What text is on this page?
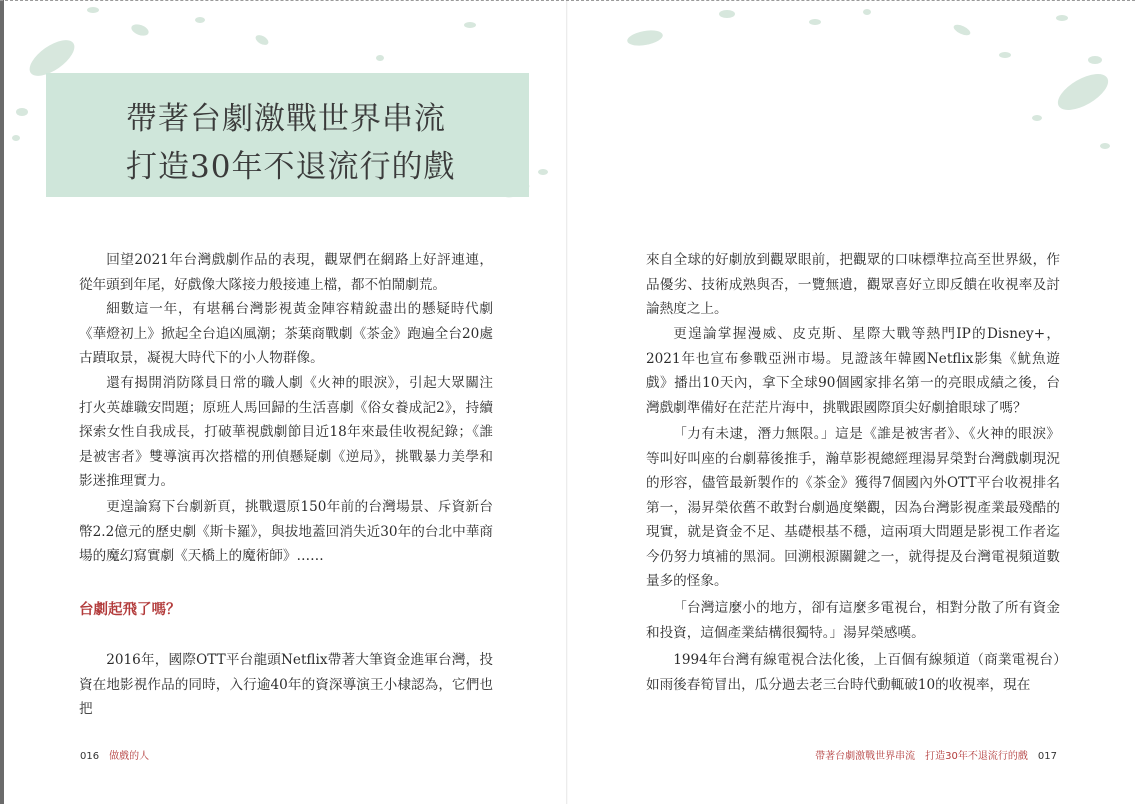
帶著台劇激戰世界串流
打造30年不退流行的戲

回望2021年台灣戲劇作品的表現，觀眾們在網路上好評連連，從年頭到年尾，好戲像大隊接力般接連上檔，都不怕鬧劇荒。

細數這一年，有堪稱台灣影視黃金陣容精銳盡出的懸疑時代劇《華燈初上》掀起全台追凶風潮；茶葉商戰劇《茶金》跑遍全台20處古蹟取景，凝視大時代下的小人物群像。

還有揭開消防隊員日常的職人劇《火神的眼淚》，引起大眾關注打火英雄職安問題；原班人馬回歸的生活喜劇《俗女養成記2》，持續探索女性自我成長，打破華視戲劇節目近18年來最佳收視紀錄；《誰是被害者》雙導演再次搭檔的刑偵懸疑劇《逆局》，挑戰暴力美學和影迷推理實力。

更遑論寫下台劇新頁，挑戰還原150年前的台灣場景、斥資新台幣2.2億元的歷史劇《斯卡羅》，與拔地蓋回消失近30年的台北中華商場的魔幻寫實劇《天橋上的魔術師》……

台劇起飛了嗎？

2016年，國際OTT平台龍頭Netflix帶著大筆資金進軍台灣，投資在地影視作品的同時，入行逾40年的資深導演王小棣認為，它們也把

016 做戲的人

來自全球的好劇放到觀眾眼前，把觀眾的口味標準拉高至世界級，作品優劣、技術成熟與否，一覽無遺，觀眾喜好立即反饋在收視率及討論熱度之上。

更遑論掌握漫威、皮克斯、星際大戰等熱門IP的Disney+，2021年也宣布參戰亞洲市場。見證該年韓國Netflix影集《魷魚遊戲》播出10天內，拿下全球90個國家排名第一的亮眼成績之後，台灣戲劇準備好在茫茫片海中，挑戰跟國際頂尖好劇搶眼球了嗎？

「力有未逮，潛力無限。」這是《誰是被害者》、《火神的眼淚》等叫好叫座的台劇幕後推手，瀚草影視總經理湯昇榮對台灣戲劇現況的形容，儘管最新製作的《茶金》獲得7個國內外OTT平台收視排名第一，湯昇榮依舊不敢對台劇過度樂觀，因為台灣影視產業最殘酷的現實，就是資金不足、基礎根基不穩，這兩項大問題是影視工作者迄今仍努力填補的黑洞。回溯根源關鍵之一，就得提及台灣電視頻道數量多的怪象。

「台灣這麼小的地方，卻有這麼多電視台，相對分散了所有資金和投資，這個產業結構很獨特。」湯昇榮感嘆。

1994年台灣有線電視合法化後，上百個有線頻道（商業電視台）如雨後春筍冒出，瓜分過去老三台時代動輒破10的收視率，現在

帶著台劇激戰世界串流　打造30年不退流行的戲 017
